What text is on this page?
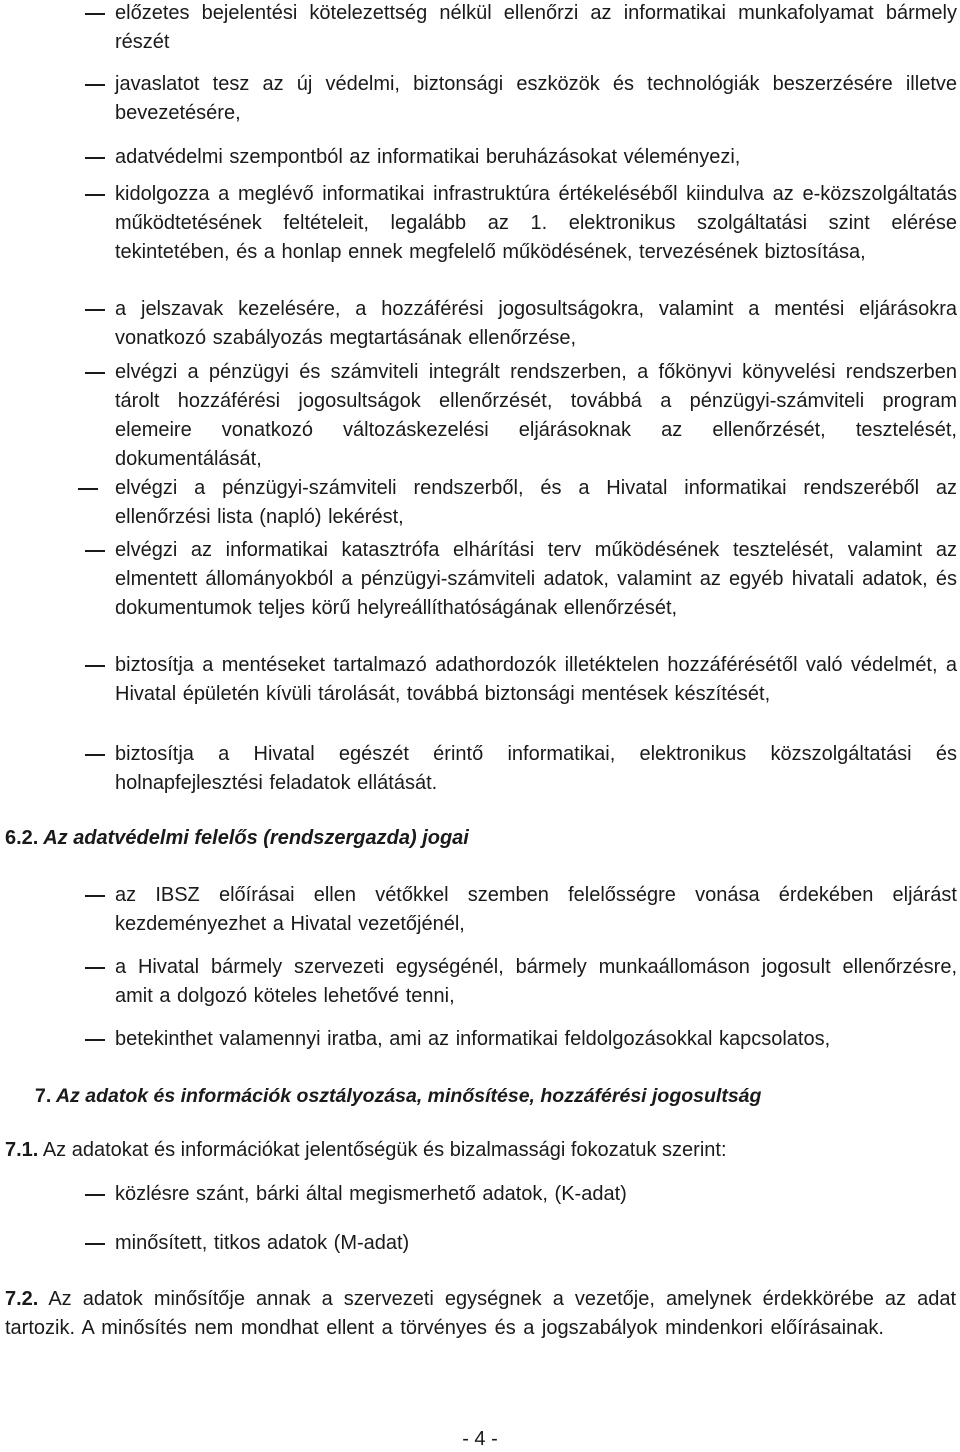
előzetes bejelentési kötelezettség nélkül ellenőrzi az informatikai munkafolyamat bármely részét
javaslatot tesz az új védelmi, biztonsági eszközök és technológiák beszerzésére illetve bevezetésére,
adatvédelmi szempontból az informatikai beruházásokat véleményezi,
kidolgozza a meglévő informatikai infrastruktúra értékeléséből kiindulva az e-közszolgáltatás működtetésének feltételeit, legalább az 1. elektronikus szolgáltatási szint elérése tekintetében, és a honlap ennek megfelelő működésének, tervezésének biztosítása,
a jelszavak kezelésére, a hozzáférési jogosultságokra, valamint a mentési eljárásokra vonatkozó szabályozás megtartásának ellenőrzése,
elvégzi a pénzügyi és számviteli integrált rendszerben, a főkönyvi könyvelési rendszerben tárolt hozzáférési jogosultságok ellenőrzését, továbbá a pénzügyi-számviteli program elemeire vonatkozó változáskezelési eljárásoknak az ellenőrzését, tesztelését, dokumentálását,
elvégzi a pénzügyi-számviteli rendszerből, és a Hivatal informatikai rendszeréből az ellenőrzési lista (napló) lekérést,
elvégzi az informatikai katasztrófa elhárítási terv működésének tesztelését, valamint az elmentett állományokból a pénzügyi-számviteli adatok, valamint az egyéb hivatali adatok, és dokumentumok teljes körű helyreállíthatóságának ellenőrzését,
biztosítja a mentéseket tartalmazó adathordozók illetéktelen hozzáférésétől való védelmét, a Hivatal épületén kívüli tárolását, továbbá biztonsági mentések készítését,
biztosítja a Hivatal egészét érintő informatikai, elektronikus közszolgáltatási és holnapfejlesztési feladatok ellátását.
6.2. Az adatvédelmi felelős (rendszergazda) jogai
az IBSZ előírásai ellen vétőkkel szemben felelősségre vonása érdekében eljárást kezdeményezhet a Hivatal vezetőjénél,
a Hivatal bármely szervezeti egységénél, bármely munkaállomáson jogosult ellenőrzésre, amit a dolgozó köteles lehetővé tenni,
betekinthet valamennyi iratba, ami az informatikai feldolgozásokkal kapcsolatos,
7. Az adatok és információk osztályozása, minősítése, hozzáférési jogosultság
7.1. Az adatokat és információkat jelentőségük és bizalmassági fokozatuk szerint:
közlésre szánt, bárki által megismerhető adatok, (K-adat)
minősített, titkos adatok (M-adat)
7.2. Az adatok minősítője annak a szervezeti egységnek a vezetője, amelynek érdekkörébe az adat tartozik. A minősítés nem mondhat ellent a törvényes és a jogszabályok mindenkori előírásainak.
- 4 -
